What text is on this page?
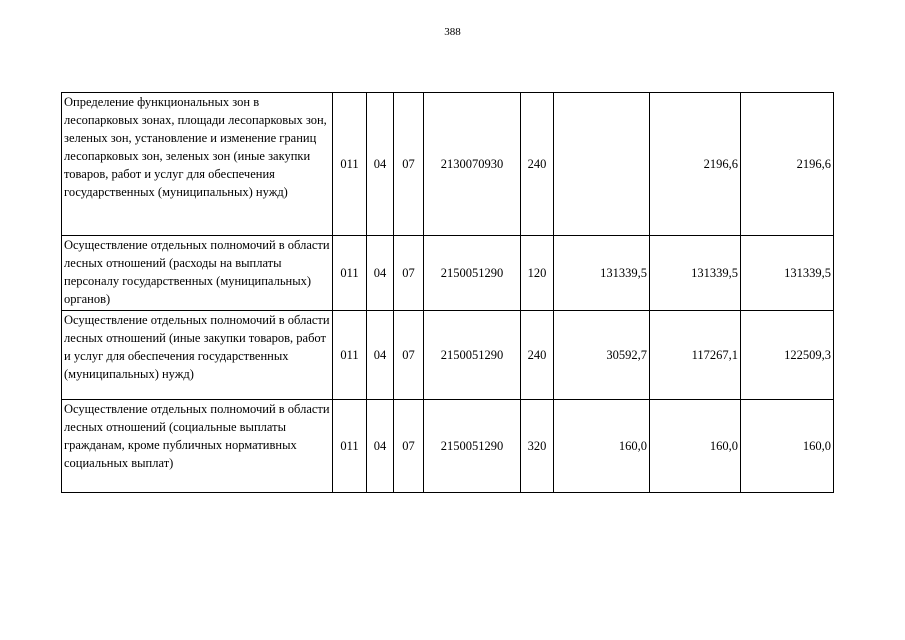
388
Определение функциональных зон в лесопарковых зонах, площади лесопарковых зон, зеленых зон, установление и изменение границ лесопарковых зон, зеленых зон (иные закупки товаров, работ и услуг для обеспечения государственных (муниципальных) нужд)	011	04	07	2130070930	240		2196,6	2196,6
Осуществление отдельных полномочий в области лесных отношений (расходы на выплаты персоналу государственных (муниципальных) органов)	011	04	07	2150051290	120	131339,5	131339,5	131339,5
Осуществление отдельных полномочий в области лесных отношений (иные закупки товаров, работ и услуг для обеспечения государственных (муниципальных) нужд)	011	04	07	2150051290	240	30592,7	117267,1	122509,3
Осуществление отдельных полномочий в области лесных отношений (социальные выплаты гражданам, кроме публичных нормативных социальных выплат)	011	04	07	2150051290	320	160,0	160,0	160,0
